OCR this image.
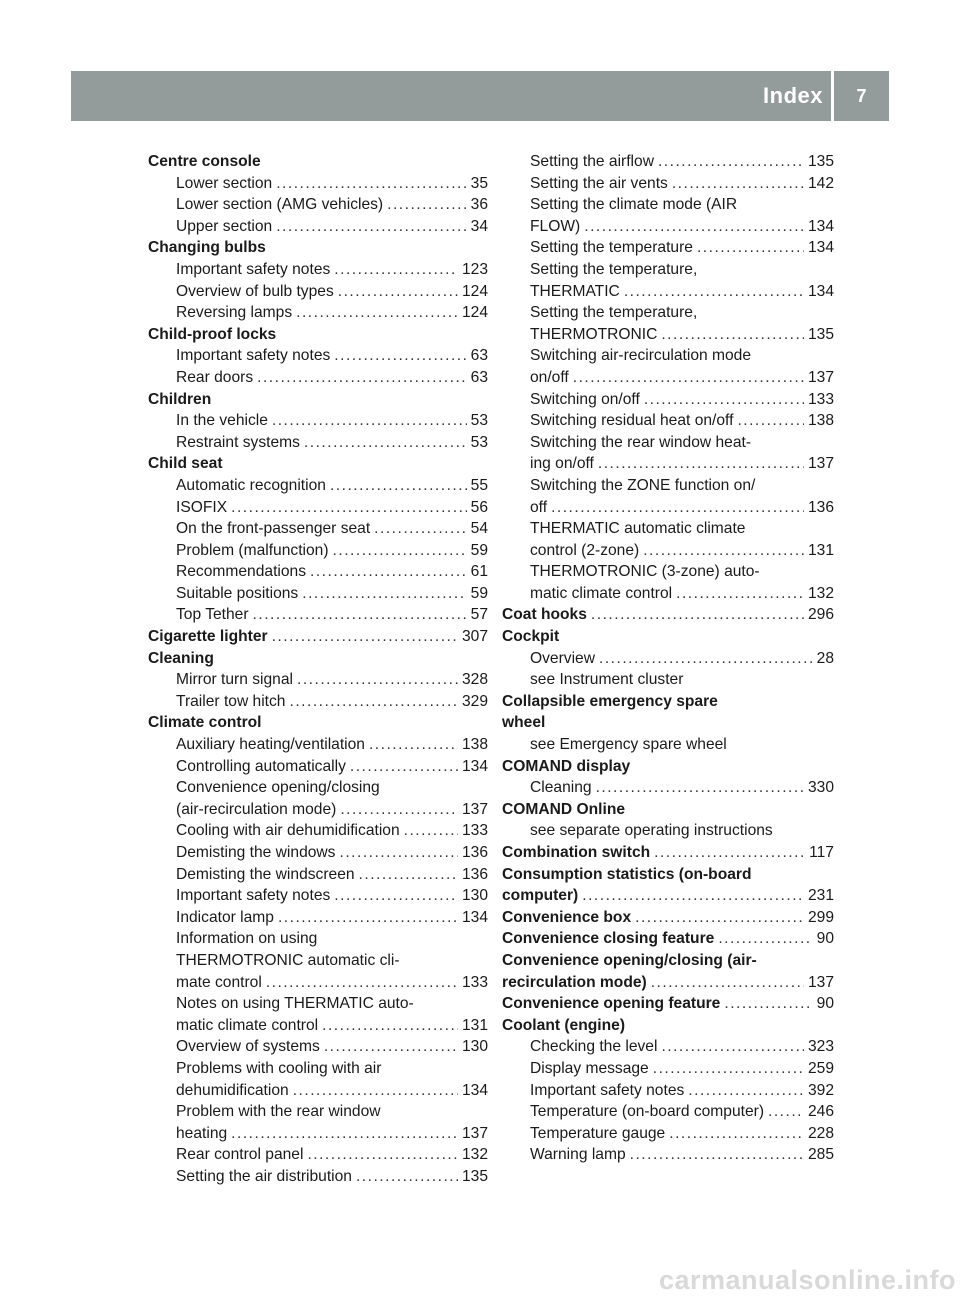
Index	7
Centre console
Lower section .....	35
Lower section (AMG vehicles) .....	36
Upper section .....	34
Changing bulbs
Important safety notes .....	123
Overview of bulb types .....	124
Reversing lamps .....	124
Child-proof locks
Important safety notes .....	63
Rear doors .....	63
Children
In the vehicle .....	53
Restraint systems .....	53
Child seat
Automatic recognition .....	55
ISOFIX .....	56
On the front-passenger seat .....	54
Problem (malfunction) .....	59
Recommendations .....	61
Suitable positions .....	59
Top Tether .....	57
Cigarette lighter .....	307
Cleaning
Mirror turn signal .....	328
Trailer tow hitch .....	329
Climate control
Auxiliary heating/ventilation .....	138
Controlling automatically .....	134
Convenience opening/closing
(air-recirculation mode) .....	137
Cooling with air dehumidification .....	133
Demisting the windows .....	136
Demisting the windscreen .....	136
Important safety notes .....	130
Indicator lamp .....	134
Information on using
THERMOTRONIC automatic cli-
mate control .....	133
Notes on using THERMATIC auto-
matic climate control .....	131
Overview of systems .....	130
Problems with cooling with air
dehumidification .....	134
Problem with the rear window
heating .....	137
Rear control panel .....	132
Setting the air distribution .....	135
Setting the airflow .....	135
Setting the air vents .....	142
Setting the climate mode (AIR
FLOW) .....	134
Setting the temperature .....	134
Setting the temperature,
THERMATIC .....	134
Setting the temperature,
THERMOTRONIC .....	135
Switching air-recirculation mode
on/off .....	137
Switching on/off .....	133
Switching residual heat on/off .....	138
Switching the rear window heat-
ing on/off .....	137
Switching the ZONE function on/
off .....	136
THERMATIC automatic climate
control (2-zone) .....	131
THERMOTRONIC (3-zone) auto-
matic climate control .....	132
Coat hooks .....	296
Cockpit
Overview .....	28
see Instrument cluster
Collapsible emergency spare
wheel
see Emergency spare wheel
COMAND display
Cleaning .....	330
COMAND Online
see separate operating instructions
Combination switch .....	117
Consumption statistics (on-board
computer) .....	231
Convenience box .....	299
Convenience closing feature .....	90
Convenience opening/closing (air-
recirculation mode) .....	137
Convenience opening feature .....	90
Coolant (engine)
Checking the level .....	323
Display message .....	259
Important safety notes .....	392
Temperature (on-board computer) .....	246
Temperature gauge .....	228
Warning lamp .....	285
carmanualsonline.info
